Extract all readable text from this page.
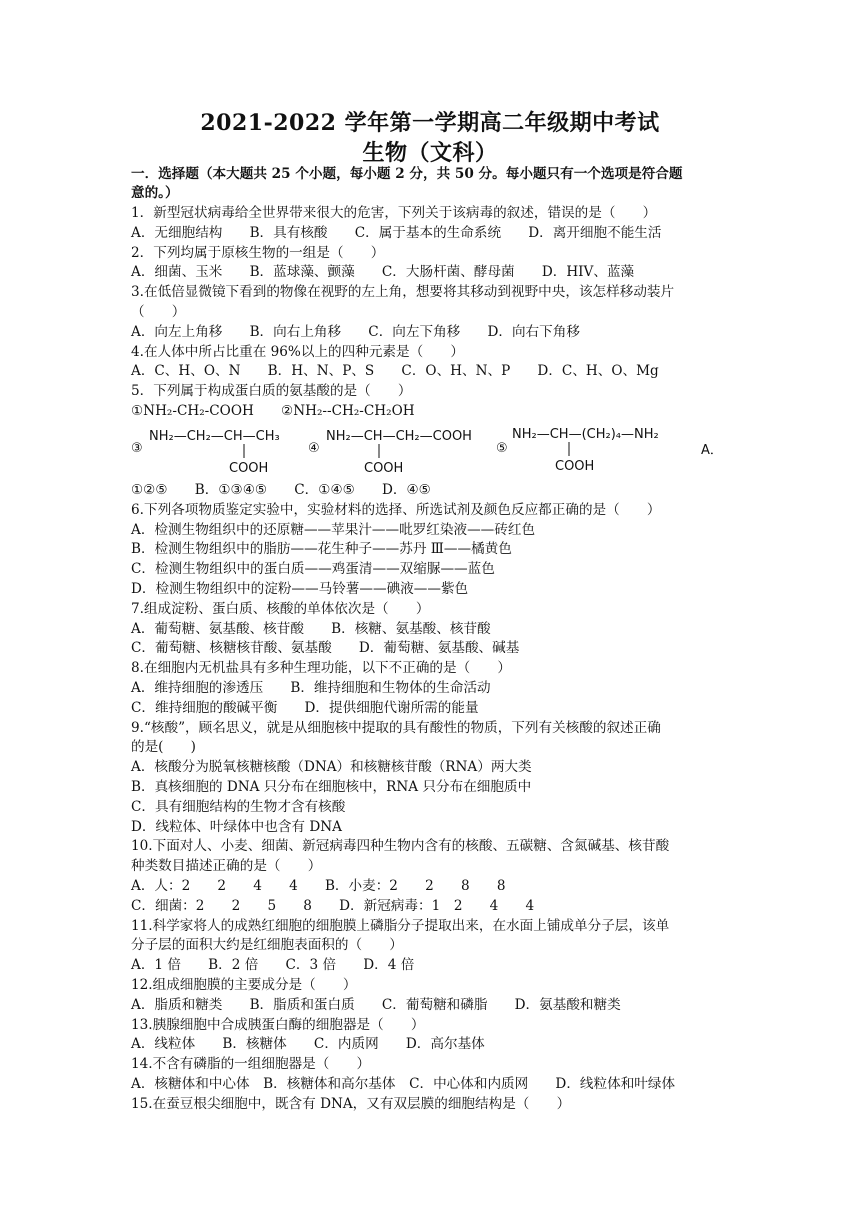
2021-2022 学年第一学期高二年级期中考试
生物（文科）
一．选择题（本大题共 25 个小题，每小题 2 分，共 50 分。每小题只有一个选项是符合题
意的。）
1．新型冠状病毒给全世界带来很大的危害，下列关于该病毒的叙述，错误的是（　　）
A．无细胞结构　　B．具有核酸　　C．属于基本的生命系统　　D．离开细胞不能生活
2．下列均属于原核生物的一组是（　　）
A．细菌、玉米　　B．蓝球藻、颤藻　　C．大肠杆菌、酵母菌　　D．HIV、蓝藻
3.在低倍显微镜下看到的物像在视野的左上角，想要将其移动到视野中央，该怎样移动装片
（　　）
A．向左上角移　　B．向右上角移　　C．向左下角移　　D．向右下角移
4.在人体中所占比重在 96%以上的四种元素是（　　）
A．C、H、O、N　　B．H、N、P、S　　C．O、H、N、P　　D．C、H、O、Mg
5．下列属于构成蛋白质的氨基酸的是（　　）
①NH₂-CH₂-COOH　　②NH₂--CH₂-CH₂OH
③
NH₂—CH₂—CH—CH₃
COOH
④
NH₂—CH—CH₂—COOH
COOH
⑤
NH₂—CH—(CH₂)₄—NH₂
COOH
A．
①②⑤　　B．①③④⑤　　C．①④⑤　　D．④⑤
6.下列各项物质鉴定实验中，实验材料的选择、所选试剂及颜色反应都正确的是（　　）
A．检测生物组织中的还原糖——苹果汁——吡罗红染液——砖红色
B．检测生物组织中的脂肪——花生种子——苏丹 Ⅲ——橘黄色
C．检测生物组织中的蛋白质——鸡蛋清——双缩脲——蓝色
D．检测生物组织中的淀粉——马铃薯——碘液——紫色
7.组成淀粉、蛋白质、核酸的单体依次是（　　）
A．葡萄糖、氨基酸、核苷酸　　B．核糖、氨基酸、核苷酸
C．葡萄糖、核糖核苷酸、氨基酸　　D．葡萄糖、氨基酸、碱基
8.在细胞内无机盐具有多种生理功能，以下不正确的是（　　）
A．维持细胞的渗透压　　B．维持细胞和生物体的生命活动
C．维持细胞的酸碱平衡　　D．提供细胞代谢所需的能量
9.“核酸”，顾名思义，就是从细胞核中提取的具有酸性的物质，下列有关核酸的叙述正确
的是(　　)
A．核酸分为脱氧核糖核酸（DNA）和核糖核苷酸（RNA）两大类
B．真核细胞的 DNA 只分布在细胞核中，RNA 只分布在细胞质中
C．具有细胞结构的生物才含有核酸
D．线粒体、叶绿体中也含有 DNA
10.下面对人、小麦、细菌、新冠病毒四种生物内含有的核酸、五碳糖、含氮碱基、核苷酸
种类数目描述正确的是（　　）
A．人：2　　2　　4　　4　　B．小麦：2　　2　　8　　8
C．细菌：2　　2　　5　　8　　D．新冠病毒：1　2　　4　　4
11.科学家将人的成熟红细胞的细胞膜上磷脂分子提取出来，在水面上铺成单分子层，该单
分子层的面积大约是红细胞表面积的（　　）
A．1 倍　　B．2 倍　　C．3 倍　　D．4 倍
12.组成细胞膜的主要成分是（　　）
A．脂质和糖类　　B．脂质和蛋白质　　C．葡萄糖和磷脂　　D．氨基酸和糖类
13.胰腺细胞中合成胰蛋白酶的细胞器是（　　）
A．线粒体　　B．核糖体　　C．内质网　　D．高尔基体
14.不含有磷脂的一组细胞器是（　　）
A．核糖体和中心体　B．核糖体和高尔基体　C．中心体和内质网　　D．线粒体和叶绿体
15.在蚕豆根尖细胞中，既含有 DNA，又有双层膜的细胞结构是（　　）
